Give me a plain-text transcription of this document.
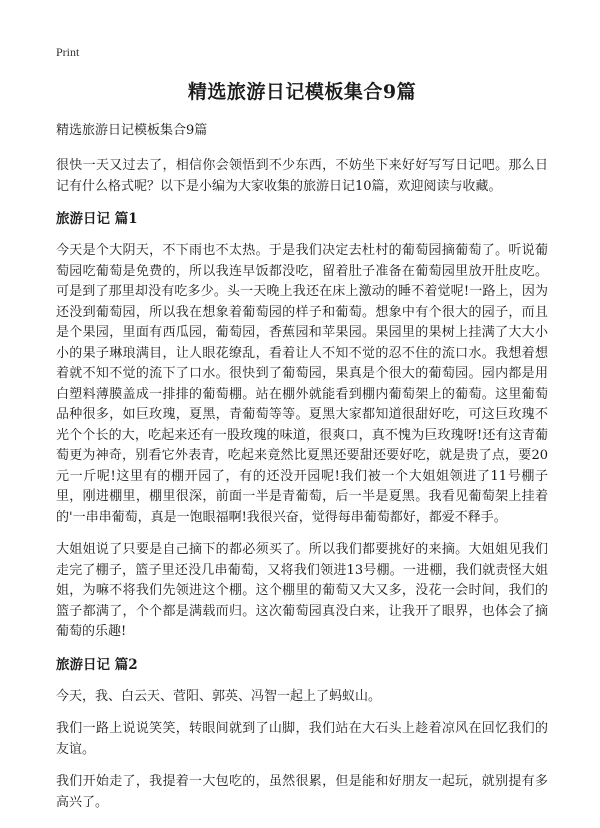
Print
精选旅游日记模板集合9篇

精选旅游日记模板集合9篇

很快一天又过去了，相信你会领悟到不少东西，不妨坐下来好好写写日记吧。那么日记有什么格式呢？以下是小编为大家收集的旅游日记10篇，欢迎阅读与收藏。

旅游日记 篇1

今天是个大阴天，不下雨也不太热。于是我们决定去杜村的葡萄园摘葡萄了。听说葡萄园吃葡萄是免费的，所以我连早饭都没吃，留着肚子准备在葡萄园里放开肚皮吃。可是到了那里却没有吃多少。头一天晚上我还在床上激动的睡不着觉呢!一路上，因为还没到葡萄园，所以我在想象着葡萄园的样子和葡萄。想象中有个很大的园子，而且是个果园，里面有西瓜园，葡萄园，香蕉园和苹果园。果园里的果树上挂满了大大小小的果子琳琅满目，让人眼花缭乱，看着让人不知不觉的忍不住的流口水。我想着想着就不知不觉的流下了口水。很快到了葡萄园，果真是个很大的葡萄园。园内都是用白塑料薄膜盖成一排排的葡萄棚。站在棚外就能看到棚内葡萄架上的葡萄。这里葡萄品种很多，如巨玫瑰，夏黑，青葡萄等等。夏黑大家都知道很甜好吃，可这巨玫瑰不光个个长的大，吃起来还有一股玫瑰的味道，很爽口，真不愧为巨玫瑰呀!还有这青葡萄更为神奇，别看它外表青，吃起来竟然比夏黑还要甜还要好吃，就是贵了点，要20元一斤呢!这里有的棚开园了，有的还没开园呢!我们被一个大姐姐领进了11号棚子里，刚进棚里，棚里很深，前面一半是青葡萄，后一半是夏黑。我看见葡萄架上挂着的'一串串葡萄，真是一饱眼福啊!我很兴奋，觉得每串葡萄都好，都爱不释手。

大姐姐说了只要是自己摘下的都必须买了。所以我们都要挑好的来摘。大姐姐见我们走完了棚子，篮子里还没几串葡萄，又将我们领进13号棚。一进棚，我们就责怪大姐姐，为嘛不将我们先领进这个棚。这个棚里的葡萄又大又多，没花一会时间，我们的篮子都满了，个个都是满载而归。这次葡萄园真没白来，让我开了眼界，也体会了摘葡萄的乐趣!

旅游日记 篇2

今天，我、白云天、菅阳、郭英、冯智一起上了蚂蚁山。

我们一路上说说笑笑，转眼间就到了山脚，我们站在大石头上趁着凉风在回忆我们的友谊。

我们开始走了，我提着一大包吃的，虽然很累，但是能和好朋友一起玩，就别提有多高兴了。
